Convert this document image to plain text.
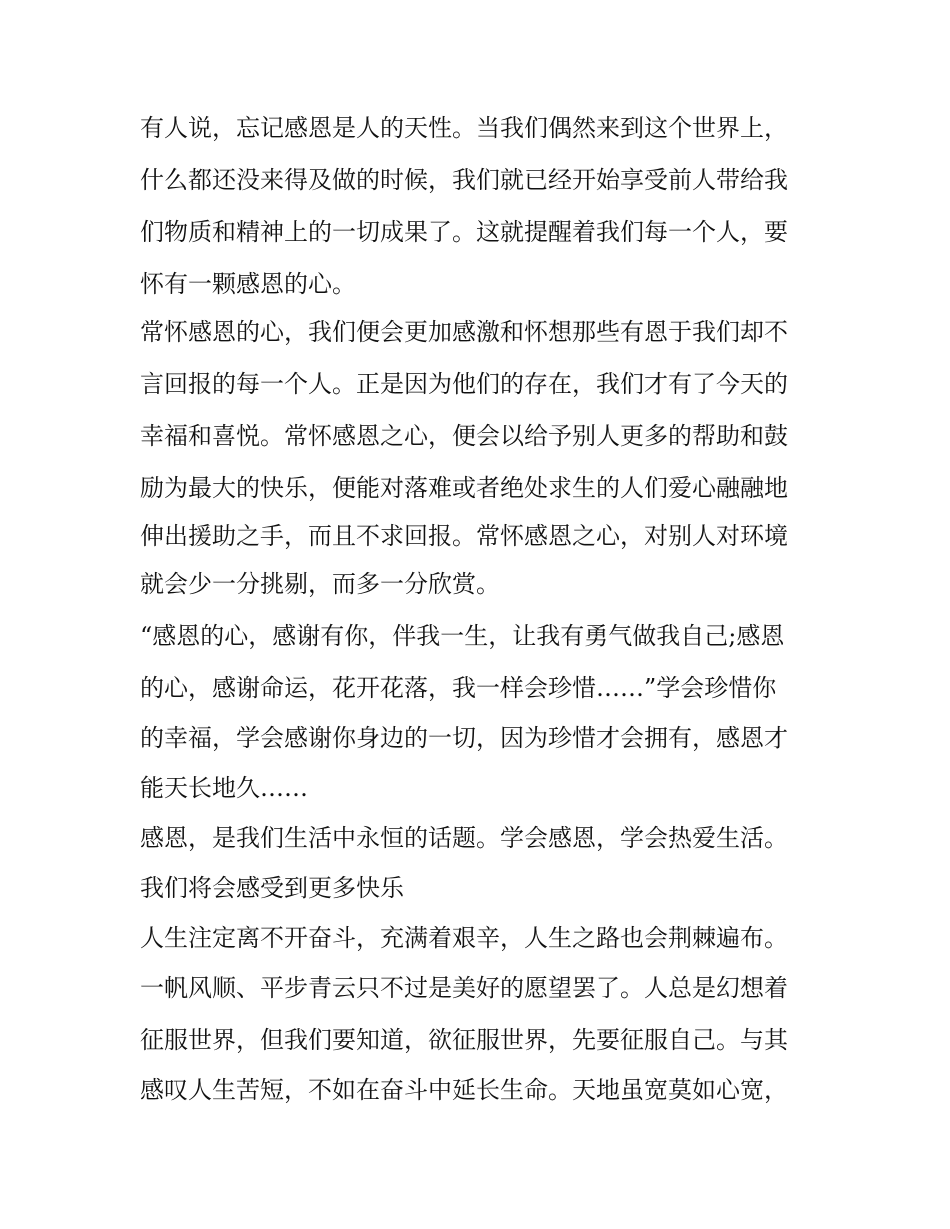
有人说，忘记感恩是人的天性。当我们偶然来到这个世界上，
什么都还没来得及做的时候，我们就已经开始享受前人带给我
们物质和精神上的一切成果了。这就提醒着我们每一个人，要
怀有一颗感恩的心。
常怀感恩的心，我们便会更加感激和怀想那些有恩于我们却不
言回报的每一个人。正是因为他们的存在，我们才有了今天的
幸福和喜悦。常怀感恩之心，便会以给予别人更多的帮助和鼓
励为最大的快乐，便能对落难或者绝处求生的人们爱心融融地
伸出援助之手，而且不求回报。常怀感恩之心，对别人对环境
就会少一分挑剔，而多一分欣赏。
“感恩的心，感谢有你，伴我一生，让我有勇气做我自己;感恩
的心，感谢命运，花开花落，我一样会珍惜……”学会珍惜你
的幸福，学会感谢你身边的一切，因为珍惜才会拥有，感恩才
能天长地久……
感恩，是我们生活中永恒的话题。学会感恩，学会热爱生活。
我们将会感受到更多快乐
人生注定离不开奋斗，充满着艰辛，人生之路也会荆棘遍布。
一帆风顺、平步青云只不过是美好的愿望罢了。人总是幻想着
征服世界，但我们要知道，欲征服世界，先要征服自己。与其
感叹人生苦短，不如在奋斗中延长生命。天地虽宽莫如心宽，
